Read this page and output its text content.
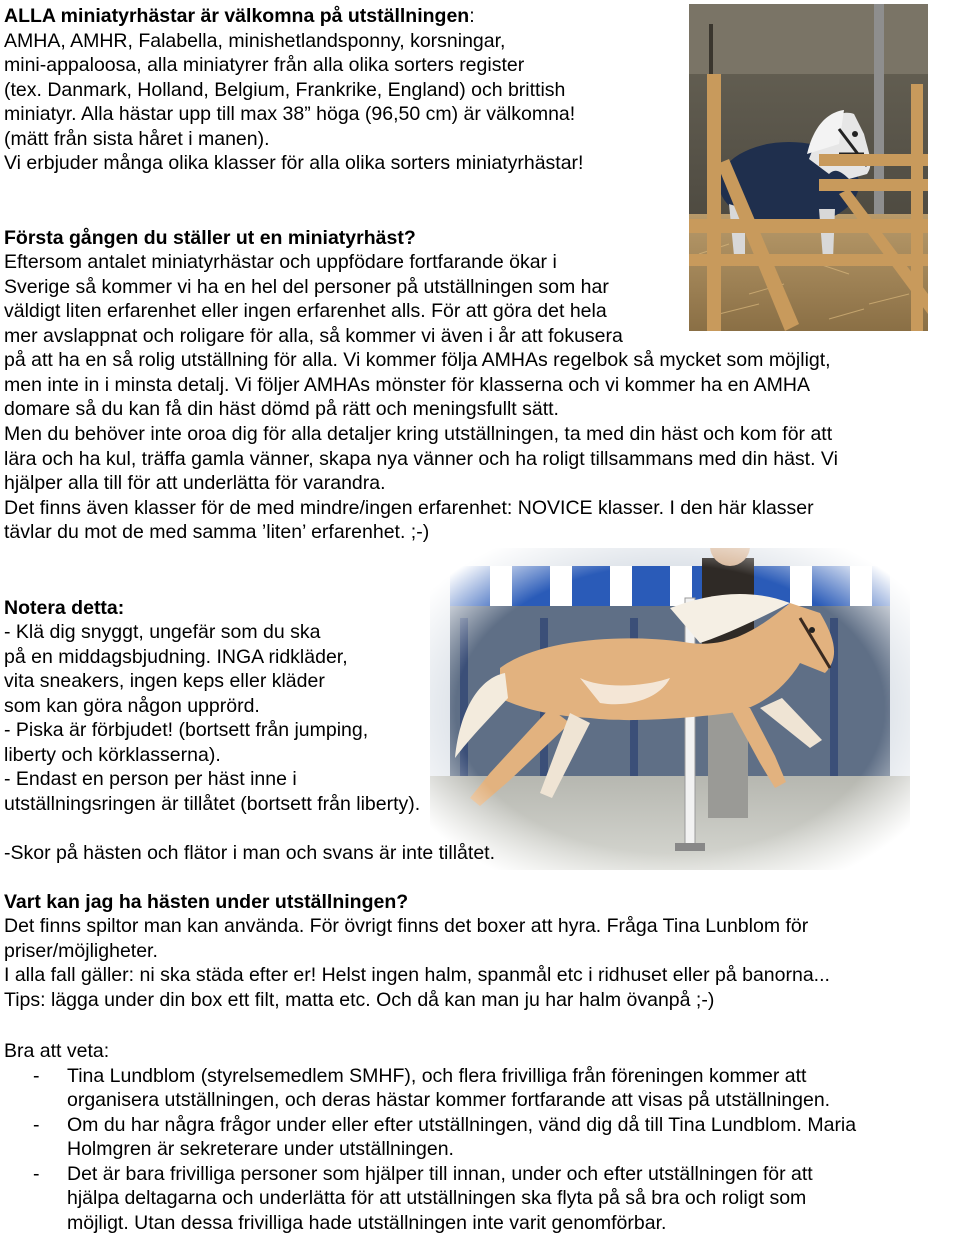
ALLA miniatyrhästar är välkomna på utställningen:
AMHA, AMHR, Falabella, minishetlandsponny, korsningar,
mini-appaloosa, alla miniatyrer från alla olika sorters register
(tex. Danmark, Holland, Belgium, Frankrike, England) och brittish
miniatyr. Alla hästar upp till max 38” höga (96,50 cm) är välkomna!
(mätt från sista håret i manen).
Vi erbjuder många olika klasser för alla olika sorters miniatyrhästar!
Första gången du ställer ut en miniatyrhäst?
Eftersom antalet miniatyrhästar och uppfödare fortfarande ökar i
Sverige så kommer vi ha en hel del personer på utställningen som har
väldigt liten erfarenhet eller ingen erfarenhet alls. För att göra det hela
mer avslappnat och roligare för alla, så kommer vi även i år att fokusera
på att ha en så rolig utställning för alla. Vi kommer följa AMHAs regelbok så mycket som möjligt,
men inte in i minsta detalj. Vi följer AMHAs mönster för klasserna och vi kommer ha en AMHA
domare så du kan få din häst dömd på rätt och meningsfullt sätt.
Men du behöver inte oroa dig för alla detaljer kring utställningen, ta med din häst och kom för att
lära och ha kul, träffa gamla vänner, skapa nya vänner och ha roligt tillsammans med din häst. Vi
hjälper alla till för att underlätta för varandra.
Det finns även klasser för de med mindre/ingen erfarenhet: NOVICE klasser. I den här klasser
tävlar du mot de med samma ’liten’ erfarenhet. ;-)
Notera detta:
- Klä dig snyggt, ungefär som du ska
på en middagsbjudning. INGA ridkläder,
vita sneakers, ingen keps eller kläder
som kan göra någon upprörd.
- Piska är förbjudet! (bortsett från jumping,
liberty och körklasserna).
- Endast en person per häst inne i
utställningsringen är tillåtet (bortsett från liberty).
-Skor på hästen och flätor i man och svans är inte tillåtet.
Vart kan jag ha hästen under utställningen?
Det finns spiltor man kan använda. För övrigt finns det boxer att hyra. Fråga Tina Lunblom för
priser/möjligheter.
I alla fall gäller: ni ska städa efter er! Helst ingen halm, spanmål etc i ridhuset eller på banorna...
Tips: lägga under din box ett filt, matta etc. Och då kan man ju har halm övanpå ;-)
Bra att veta:
- Tina Lundblom (styrelsemedlem SMHF), och flera frivilliga från föreningen kommer att
organisera utställningen, och deras hästar kommer fortfarande att visas på utställningen.
- Om du har några frågor under eller efter utställningen, vänd dig då till Tina Lundblom. Maria
Holmgren är sekreterare under utställningen.
- Det är bara frivilliga personer som hjälper till innan, under och efter utställningen för att
hjälpa deltagarna och underlätta för att utställningen ska flyta på så bra och roligt som
möjligt. Utan dessa frivilliga hade utställningen inte varit genomförbar.
